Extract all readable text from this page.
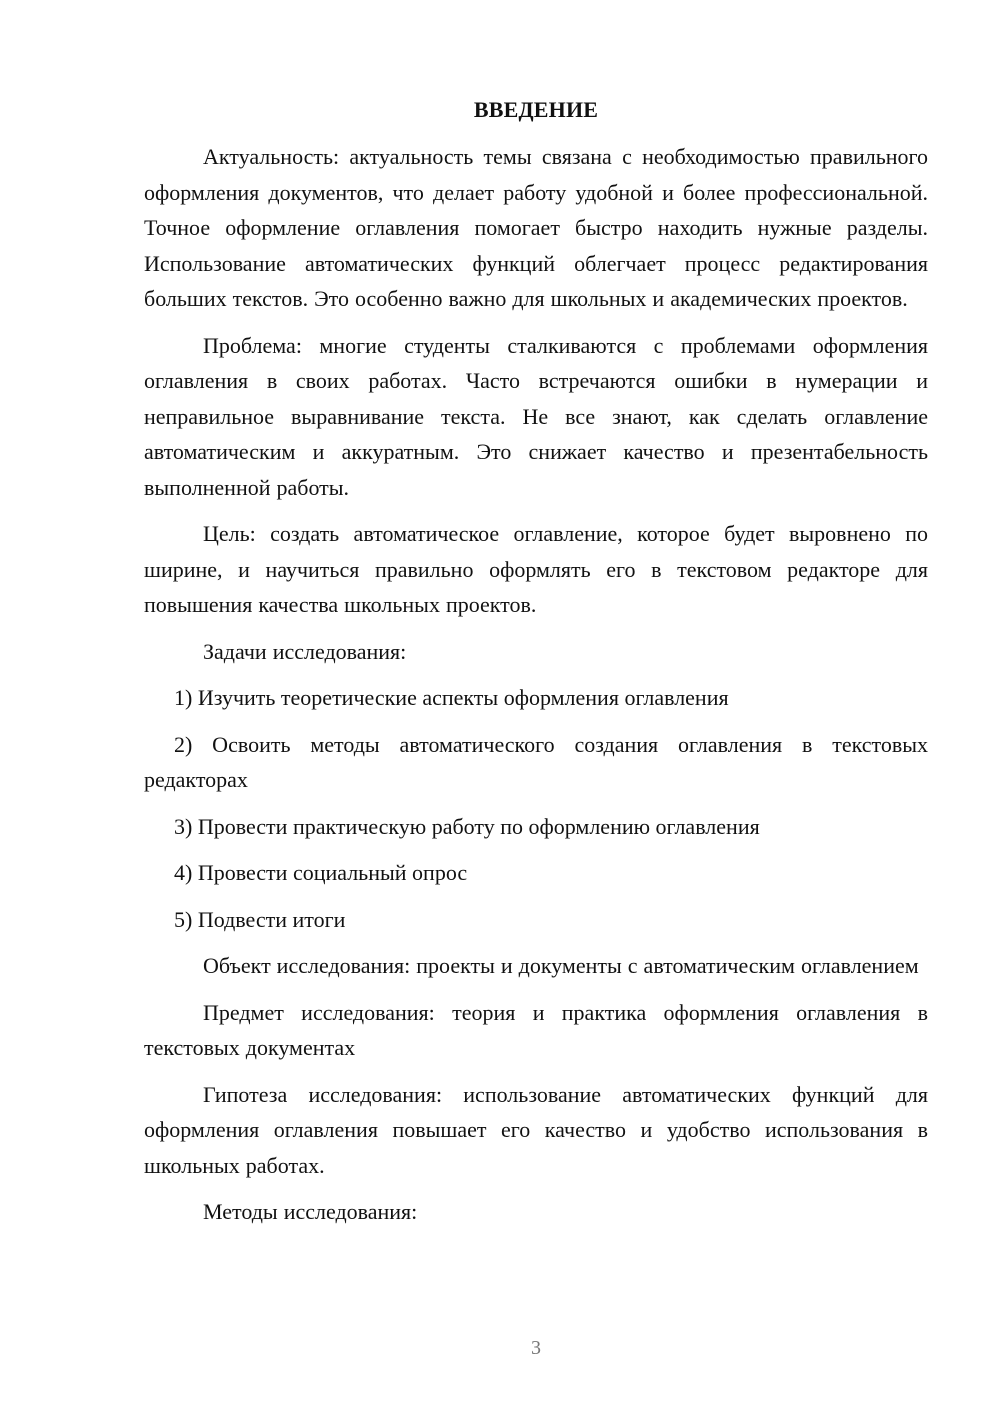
ВВЕДЕНИЕ

Актуальность: актуальность темы связана с необходимостью правильного оформления документов, что делает работу удобной и более профессиональной. Точное оформление оглавления помогает быстро находить нужные разделы. Использование автоматических функций облегчает процесс редактирования больших текстов. Это особенно важно для школьных и академических проектов.

Проблема: многие студенты сталкиваются с проблемами оформления оглавления в своих работах. Часто встречаются ошибки в нумерации и неправильное выравнивание текста. Не все знают, как сделать оглавление автоматическим и аккуратным. Это снижает качество и презентабельность выполненной работы.

Цель: создать автоматическое оглавление, которое будет выровнено по ширине, и научиться правильно оформлять его в текстовом редакторе для повышения качества школьных проектов.

Задачи исследования:

1) Изучить теоретические аспекты оформления оглавления
2) Освоить методы автоматического создания оглавления в текстовых редакторах
3) Провести практическую работу по оформлению оглавления
4) Провести социальный опрос
5) Подвести итоги

Объект исследования: проекты и документы с автоматическим оглавлением

Предмет исследования: теория и практика оформления оглавления в текстовых документах

Гипотеза исследования: использование автоматических функций для оформления оглавления повышает его качество и удобство использования в школьных работах.

Методы исследования:

3
